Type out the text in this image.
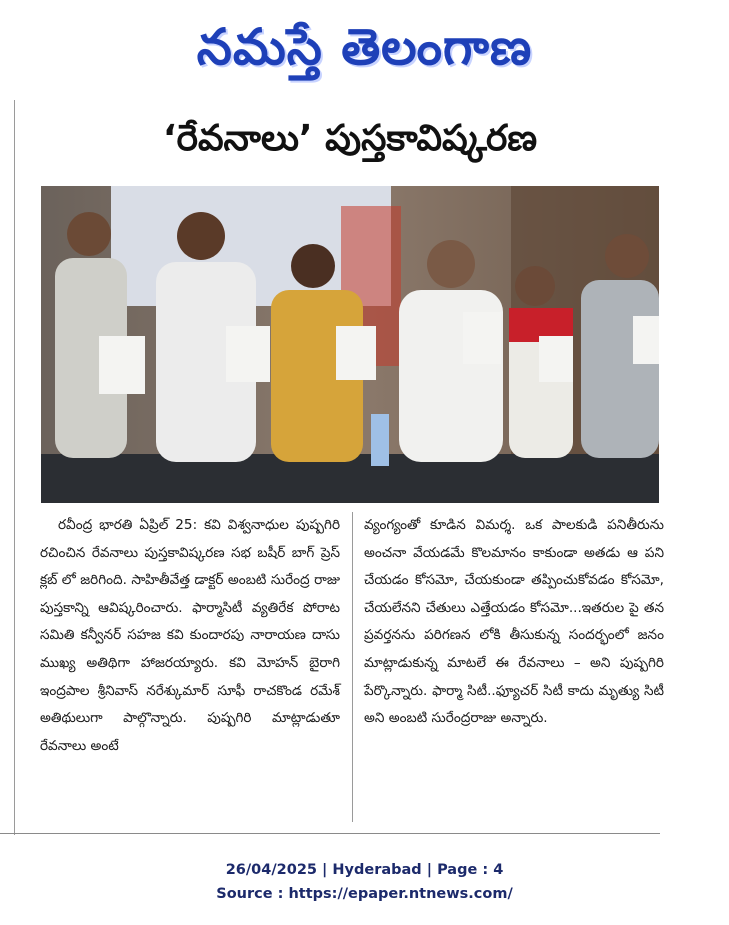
నమస్తే తెలంగాణ
‘రేవనాలు’ పుస్తకావిష్కరణ
రవీంద్ర భారతి ఏప్రిల్ 25: కవి విశ్వనాధుల పుష్పగిరి రచించిన రేవనాలు పుస్తకావిష్కరణ సభ బషీర్ బాగ్ ప్రెస్ క్లబ్ లో జరిగింది. సాహితీవేత్త డాక్టర్ అంబటి సురేంద్ర రాజు పుస్తకాన్ని ఆవిష్కరించారు. ఫార్మాసిటీ వ్యతిరేక పోరాట సమితి కన్వీనర్ సహజ కవి కుందారపు నారాయణ దాసు ముఖ్య అతిథిగా హాజరయ్యారు. కవి మోహన్ బైరాగి ఇంద్రపాల శ్రీనివాస్ నరేశ్కుమార్ సూఫీ రాచకొండ రమేశ్ అతిథులుగా పాల్గొన్నారు. పుష్పగిరి మాట్లాడుతూ రేవనాలు అంటే
వ్యంగ్యంతో కూడిన విమర్శ. ఒక పాలకుడి పనితీరును అంచనా వేయడమే కొలమానం కాకుండా అతడు ఆ పని చేయడం కోసమో, చేయకుండా తప్పించుకోవడం కోసమో, చేయలేనని చేతులు ఎత్తేయడం కోసమో...ఇతరుల పై తన ప్రవర్తనను పరిగణన లోకి తీసుకున్న సందర్భంలో జనం మాట్లాడుకున్న మాటలే ఈ రేవనాలు – అని పుష్పగిరి పేర్కొన్నారు. ఫార్మా సిటీ..ఫ్యూచర్ సిటీ కాదు మృత్యు సిటీ అని అంబటి సురేంద్రరాజు అన్నారు.
26/04/2025 | Hyderabad | Page : 4
Source : https://epaper.ntnews.com/
